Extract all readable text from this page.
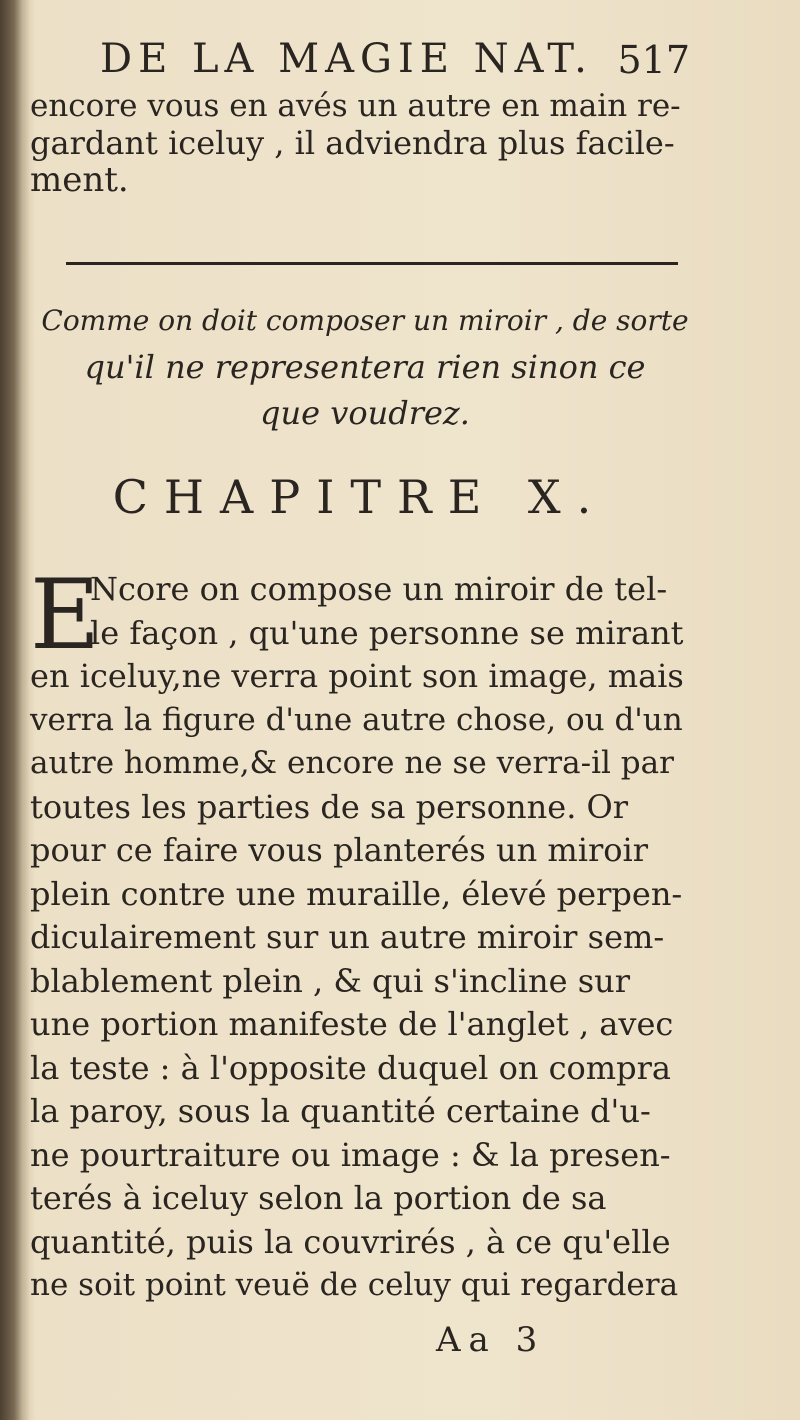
DE LA MAGIE NAT. 517
encore vous en avés un autre en main re-
gardant iceluy , il adviendra plus facile-
ment.
Comme on doit composer un miroir , de sorte
qu'il ne representera rien sinon ce
que voudrez.
CHAPITRE X.
E
Ncore on compose un miroir de tel-
le façon , qu'une personne se mirant
en iceluy,ne verra point son image, mais
verra la figure d'une autre chose, ou d'un
autre homme,& encore ne se verra-il par
toutes les parties de sa personne. Or
pour ce faire vous planterés un miroir
plein contre une muraille, élevé perpen-
diculairement sur un autre miroir sem-
blablement plein , & qui s'incline sur
une portion manifeste de l'anglet , avec
la teste : à l'opposite duquel on compra
la paroy, sous la quantité certaine d'u-
ne pourtraiture ou image : & la presen-
terés à iceluy selon la portion de sa
quantité, puis la couvrirés , à ce qu'elle
ne soit point veuë de celuy qui regardera
Aa 3
